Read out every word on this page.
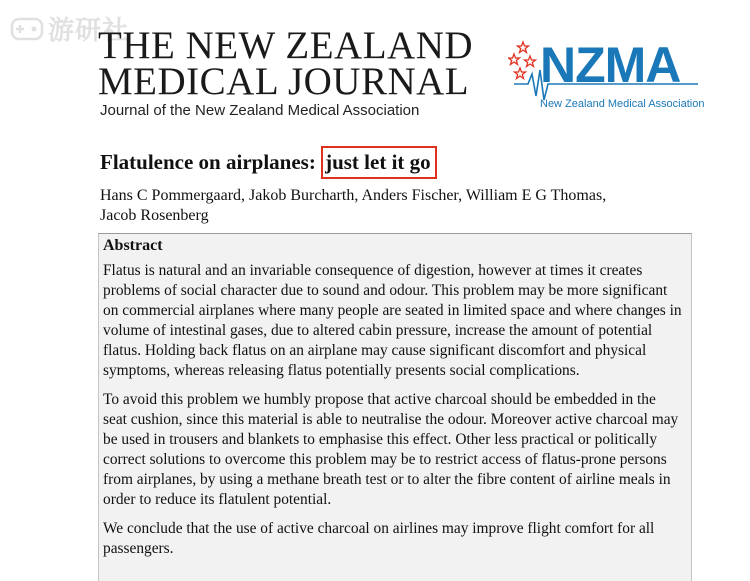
游研社
THE NEW ZEALAND
MEDICAL JOURNAL
Journal of the New Zealand Medical Association
NZMA
New Zealand Medical Association
Flatulence on airplanes: just let it go
Hans C Pommergaard, Jakob Burcharth, Anders Fischer, William E G Thomas,
Jacob Rosenberg
Abstract

Flatus is natural and an invariable consequence of digestion, however at times it creates problems of social character due to sound and odour. This problem may be more significant on commercial airplanes where many people are seated in limited space and where changes in volume of intestinal gases, due to altered cabin pressure, increase the amount of potential flatus. Holding back flatus on an airplane may cause significant discomfort and physical symptoms, whereas releasing flatus potentially presents social complications.

To avoid this problem we humbly propose that active charcoal should be embedded in the seat cushion, since this material is able to neutralise the odour. Moreover active charcoal may be used in trousers and blankets to emphasise this effect. Other less practical or politically correct solutions to overcome this problem may be to restrict access of flatus-prone persons from airplanes, by using a methane breath test or to alter the fibre content of airline meals in order to reduce its flatulent potential.

We conclude that the use of active charcoal on airlines may improve flight comfort for all passengers.
